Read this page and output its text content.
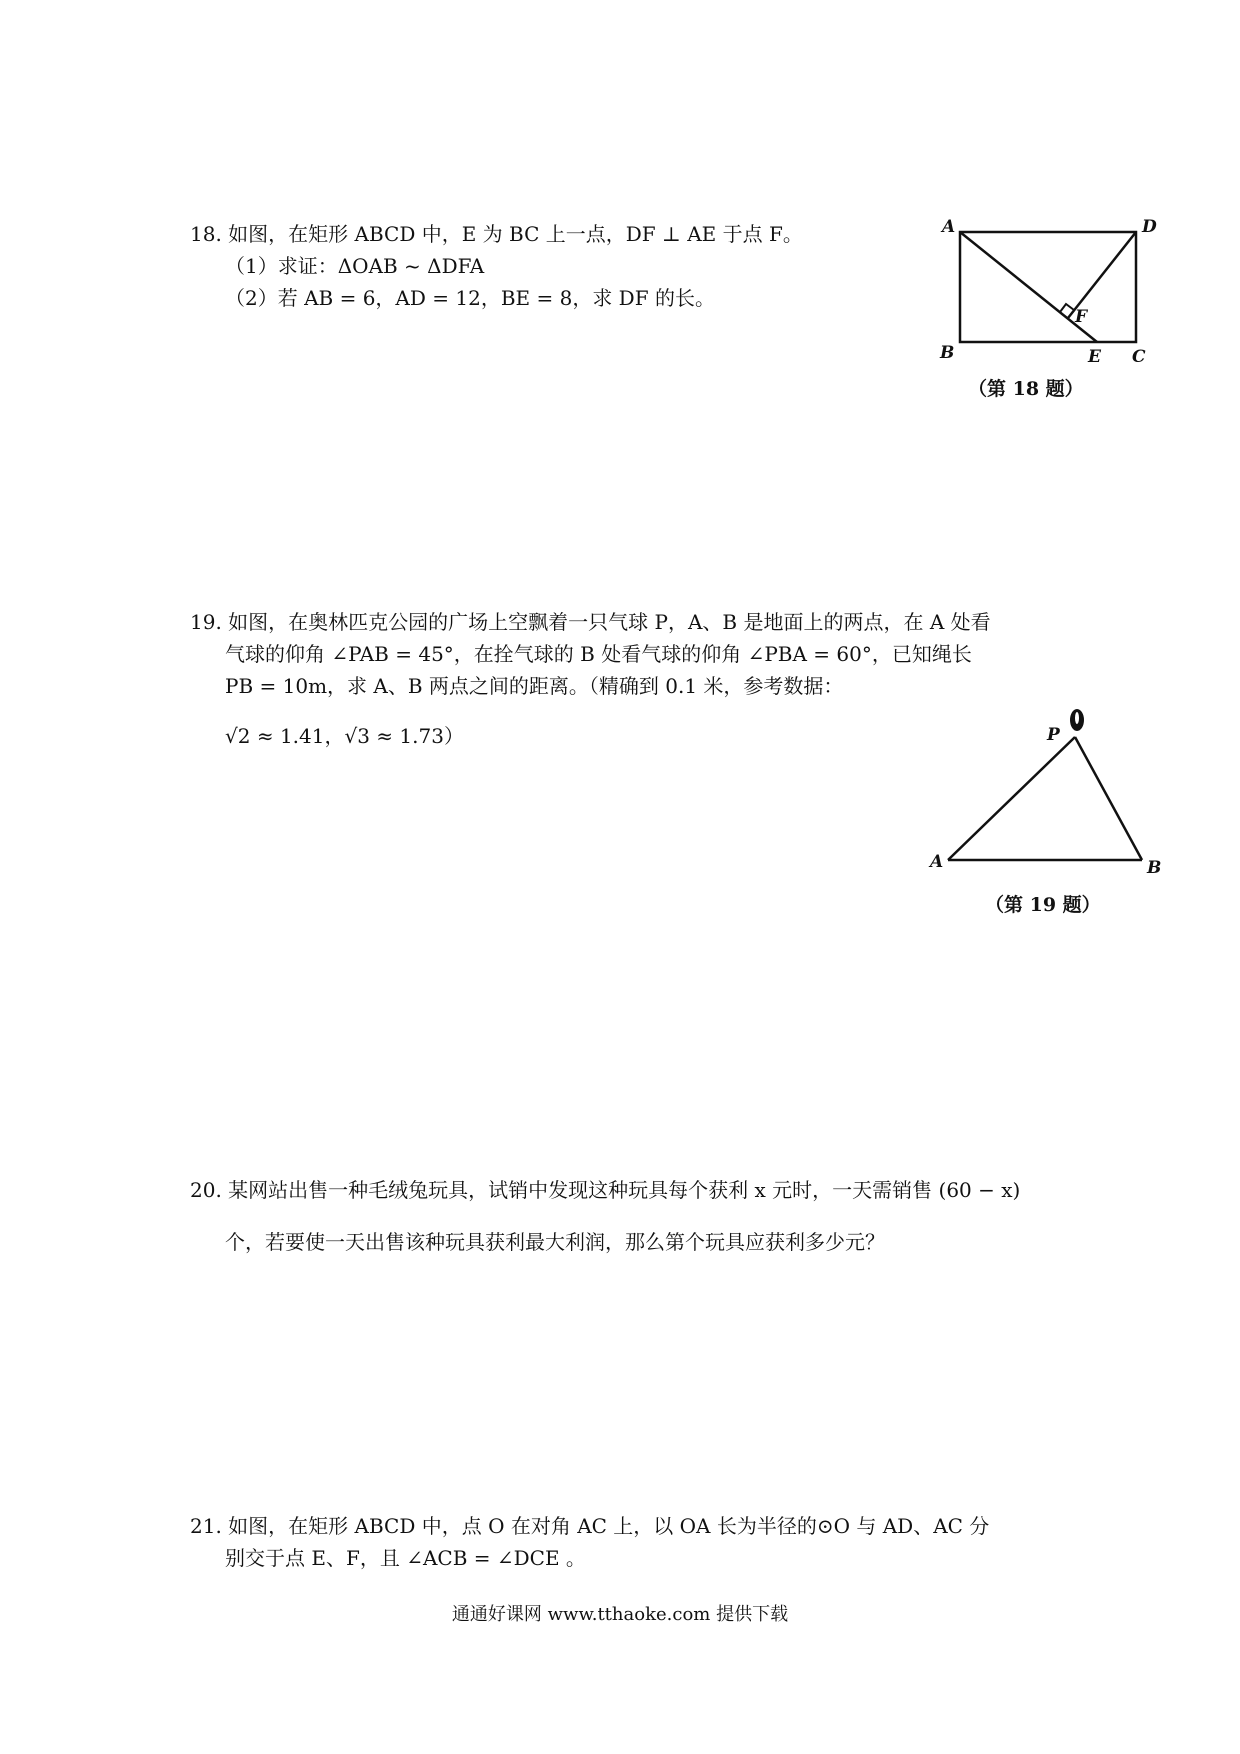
18. 如图，在矩形 ABCD 中，E 为 BC 上一点，DF ⊥ AE 于点 F。
（1）求证：ΔOAB ~ ΔDFA
（2）若 AB = 6，AD = 12，BE = 8，求 DF 的长。
A	D
B	E C
F
（第 18 题）
19. 如图，在奥林匹克公园的广场上空飘着一只气球 P，A、B 是地面上的两点，在 A 处看
气球的仰角 ∠PAB = 45°，在拴气球的 B 处看气球的仰角 ∠PBA = 60°，已知绳长
PB = 10m，求 A、B 两点之间的距离。（精确到 0.1 米，参考数据：
√2 ≈ 1.41，√3 ≈ 1.73）	P
A	B
（第 19 题）
20. 某网站出售一种毛绒兔玩具，试销中发现这种玩具每个获利 x 元时，一天需销售 (60 − x)
个，若要使一天出售该种玩具获利最大利润，那么第个玩具应获利多少元？
21. 如图，在矩形 ABCD 中，点 O 在对角 AC 上，以 OA 长为半径的⊙O 与 AD、AC 分
别交于点 E、F，且 ∠ACB = ∠DCE 。
通通好课网 www.tthaoke.com 提供下载
